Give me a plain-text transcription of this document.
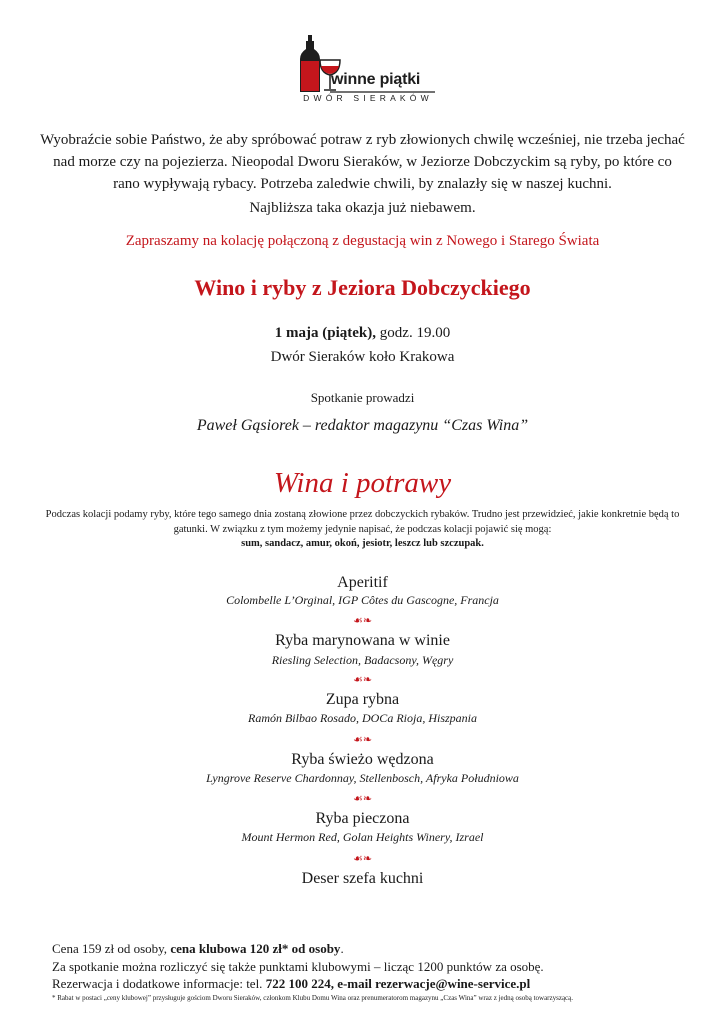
winne piątki
DWÓR SIERAKÓW
Wyobraźcie sobie Państwo, że aby spróbować potraw z ryb złowionych chwilę wcześniej, nie trzeba jechać nad morze czy na pojezierza. Nieopodal Dworu Sieraków, w Jeziorze Dobczyckim są ryby, po które co rano wypływają rybacy. Potrzeba zaledwie chwili, by znalazły się w naszej kuchni.
Najbliższa taka okazja już niebawem.
Zapraszamy na kolację połączoną z degustacją win z Nowego i Starego Świata
Wino i ryby z Jeziora Dobczyckiego
1 maja (piątek), godz. 19.00
Dwór Sieraków koło Krakowa
Spotkanie prowadzi
Paweł Gąsiorek – redaktor magazynu “Czas Wina”
Wina i potrawy
Podczas kolacji podamy ryby, które tego samego dnia zostaną złowione przez dobczyckich rybaków. Trudno jest przewidzieć, jakie konkretnie będą to gatunki. W związku z tym możemy jedynie napisać, że podczas kolacji pojawić się mogą:
sum, sandacz, amur, okoń, jesiotr, leszcz lub szczupak.
Aperitif
Colombelle L’Orginal, IGP Côtes du Gascogne, Francja
☙❧
Ryba marynowana w winie
Riesling Selection, Badacsony, Węgry
☙❧
Zupa rybna
Ramón Bilbao Rosado, DOCa Rioja, Hiszpania
☙❧
Ryba świeżo wędzona
Lyngrove Reserve Chardonnay, Stellenbosch, Afryka Południowa
☙❧
Ryba pieczona
Mount Hermon Red, Golan Heights Winery, Izrael
☙❧
Deser szefa kuchni
Cena 159 zł od osoby, cena klubowa 120 zł* od osoby.
Za spotkanie można rozliczyć się także punktami klubowymi – licząc 1200 punktów za osobę.
Rezerwacja i dodatkowe informacje: tel. 722 100 224, e-mail rezerwacje@wine-service.pl
* Rabat w postaci „ceny klubowej” przysługuje gościom Dworu Sieraków, członkom Klubu Domu Wina oraz prenumeratorom magazynu „Czas Wina” wraz z jedną osobą towarzyszącą.
